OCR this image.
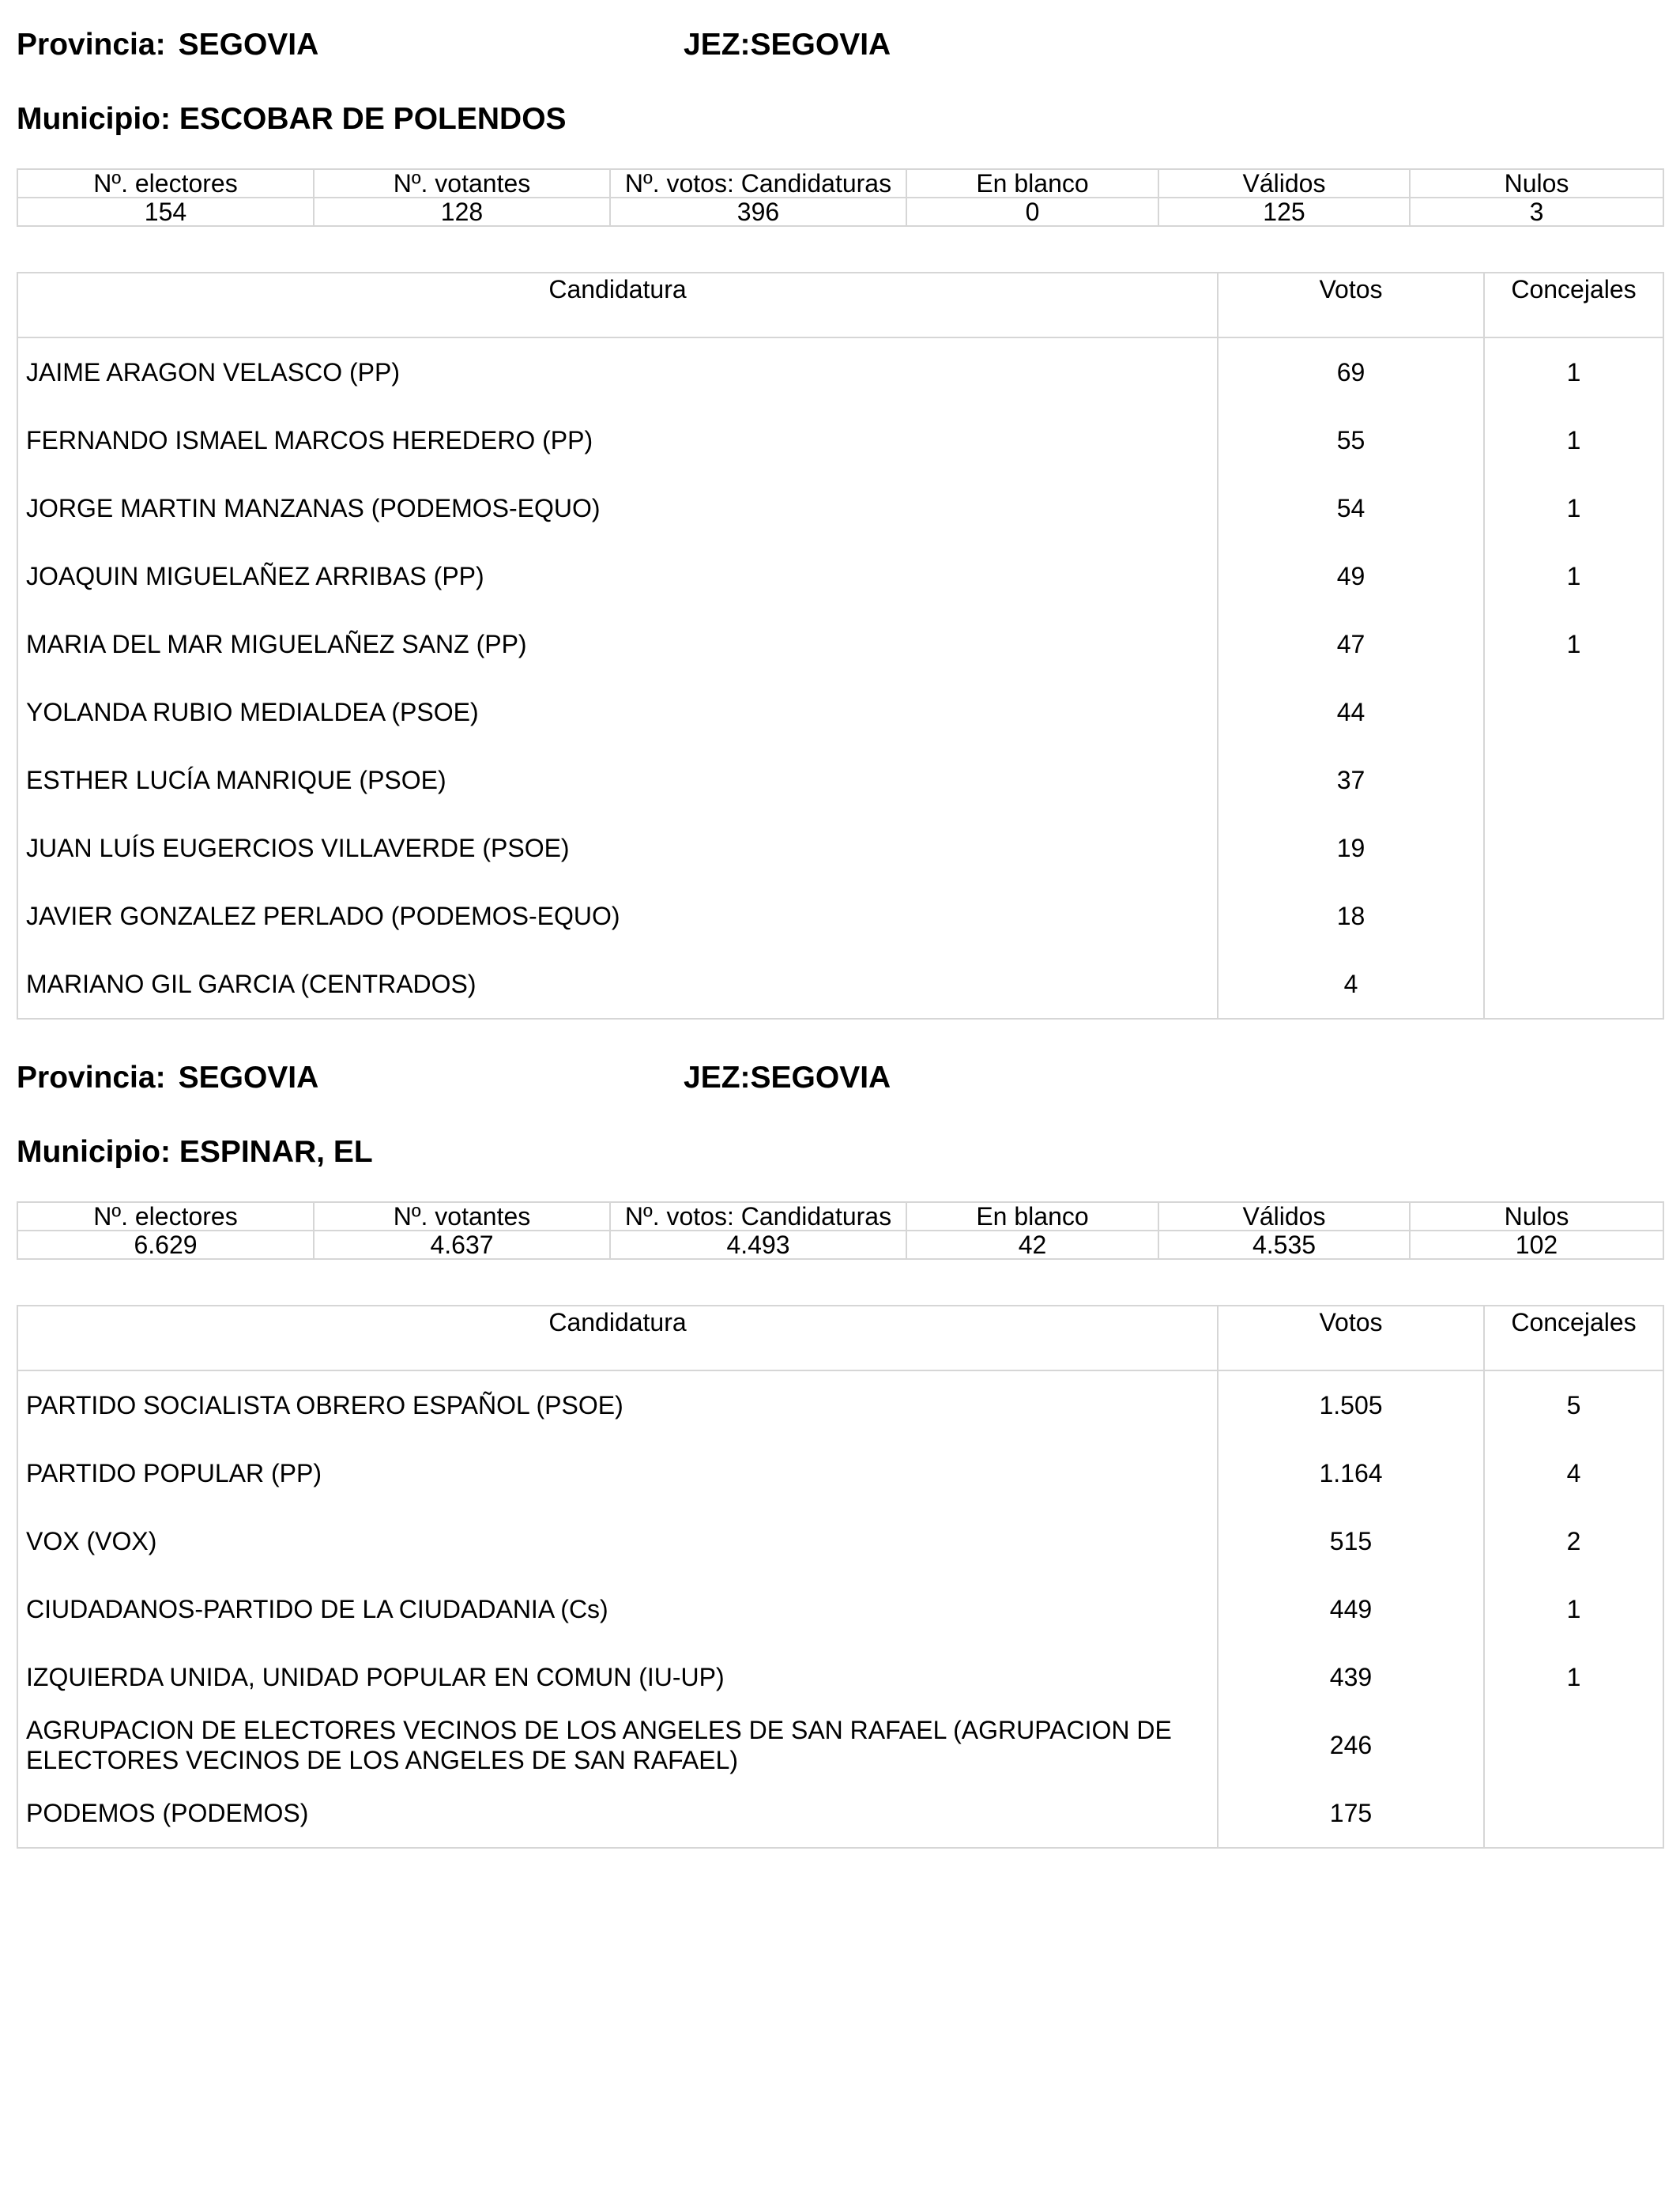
Provincia: SEGOVIA	JEZ:SEGOVIA
Municipio: ESCOBAR DE POLENDOS
Nº. electores	Nº. votantes	Nº. votos: Candidaturas	En blanco	Válidos	Nulos
154	128	396	0	125	3
Candidatura	Votos	Concejales
JAIME ARAGON VELASCO (PP)	69	1
FERNANDO ISMAEL MARCOS HEREDERO (PP)	55	1
JORGE MARTIN MANZANAS (PODEMOS-EQUO)	54	1
JOAQUIN MIGUELAÑEZ ARRIBAS (PP)	49	1
MARIA DEL MAR MIGUELAÑEZ SANZ (PP)	47	1
YOLANDA RUBIO MEDIALDEA (PSOE)	44	
ESTHER LUCÍA MANRIQUE (PSOE)	37	
JUAN LUÍS EUGERCIOS VILLAVERDE (PSOE)	19	
JAVIER GONZALEZ PERLADO (PODEMOS-EQUO)	18	
MARIANO GIL GARCIA (CENTRADOS)	4	
Provincia: SEGOVIA	JEZ:SEGOVIA
Municipio: ESPINAR, EL
Nº. electores	Nº. votantes	Nº. votos: Candidaturas	En blanco	Válidos	Nulos
6.629	4.637	4.493	42	4.535	102
Candidatura	Votos	Concejales
PARTIDO SOCIALISTA OBRERO ESPAÑOL (PSOE)	1.505	5
PARTIDO POPULAR (PP)	1.164	4
VOX (VOX)	515	2
CIUDADANOS-PARTIDO DE LA CIUDADANIA (Cs)	449	1
IZQUIERDA UNIDA, UNIDAD POPULAR EN COMUN (IU-UP)	439	1
AGRUPACION DE ELECTORES VECINOS DE LOS ANGELES DE SAN RAFAEL (AGRUPACION DE ELECTORES VECINOS DE LOS ANGELES DE SAN RAFAEL)	246	
PODEMOS (PODEMOS)	175	
